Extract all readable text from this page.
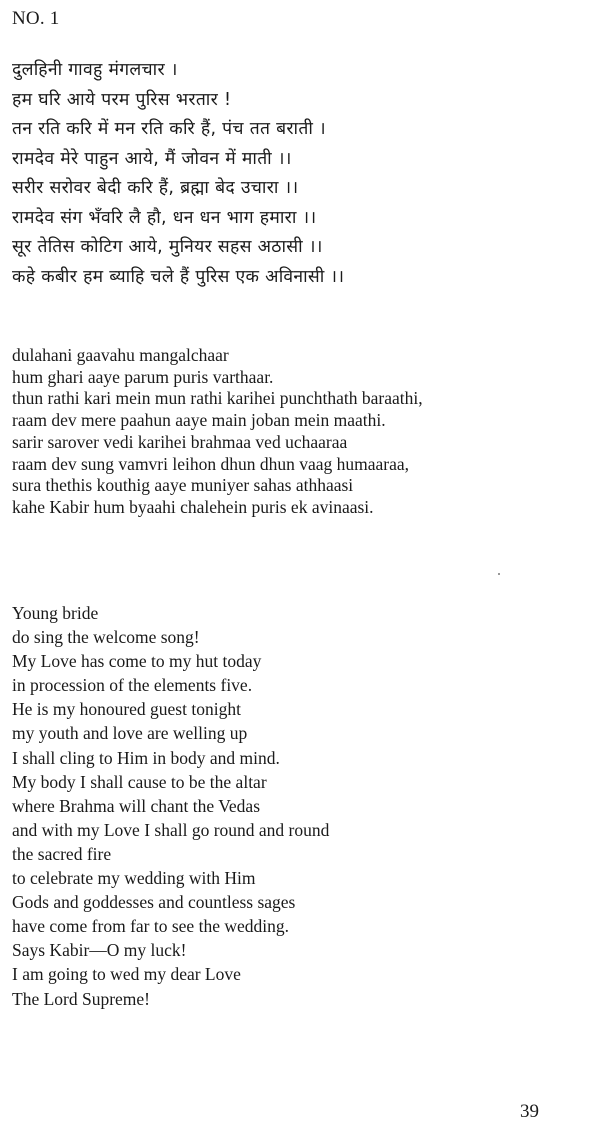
NO. 1
दुलहिनी गावहु मंगलचार ।
हम घरि आये परम पुरिस भरतार !
तन रति करि में मन रति करि हैं, पंच तत बराती ।
रामदेव मेरे पाहुन आये, मैं जोवन में माती ।।
सरीर सरोवर बेदी करि हैं, ब्रह्मा बेद उचारा ।।
रामदेव संग भँवरि लै हौ, धन धन भाग हमारा ।।
सूर तेतिस कोटिग आये, मुनियर सहस अठासी ।।
कहे कबीर हम ब्याहि चले हैं पुरिस एक अविनासी ।।
dulahani gaavahu mangalchaar
hum ghari aaye parum puris varthaar.
thun rathi kari mein mun rathi karihei punchthath baraathi,
raam dev mere paahun aaye main joban mein maathi.
sarir sarover vedi karihei brahmaa ved uchaaraa
raam dev sung vamvri leihon dhun dhun vaag humaaraa,
sura thethis kouthig aaye muniyer sahas athhaasi
kahe Kabir hum byaahi chalehein puris ek avinaasi.
Young bride
do sing the welcome song!
My Love has come to my hut today
in procession of the elements five.
He is my honoured guest tonight
my youth and love are welling up
I shall cling to Him in body and mind.
My body I shall cause to be the altar
where Brahma will chant the Vedas
and with my Love I shall go round and round
the sacred fire
to celebrate my wedding with Him
Gods and goddesses and countless sages
have come from far to see the wedding.
Says Kabir—O my luck!
I am going to wed my dear Love
The Lord Supreme!
39
